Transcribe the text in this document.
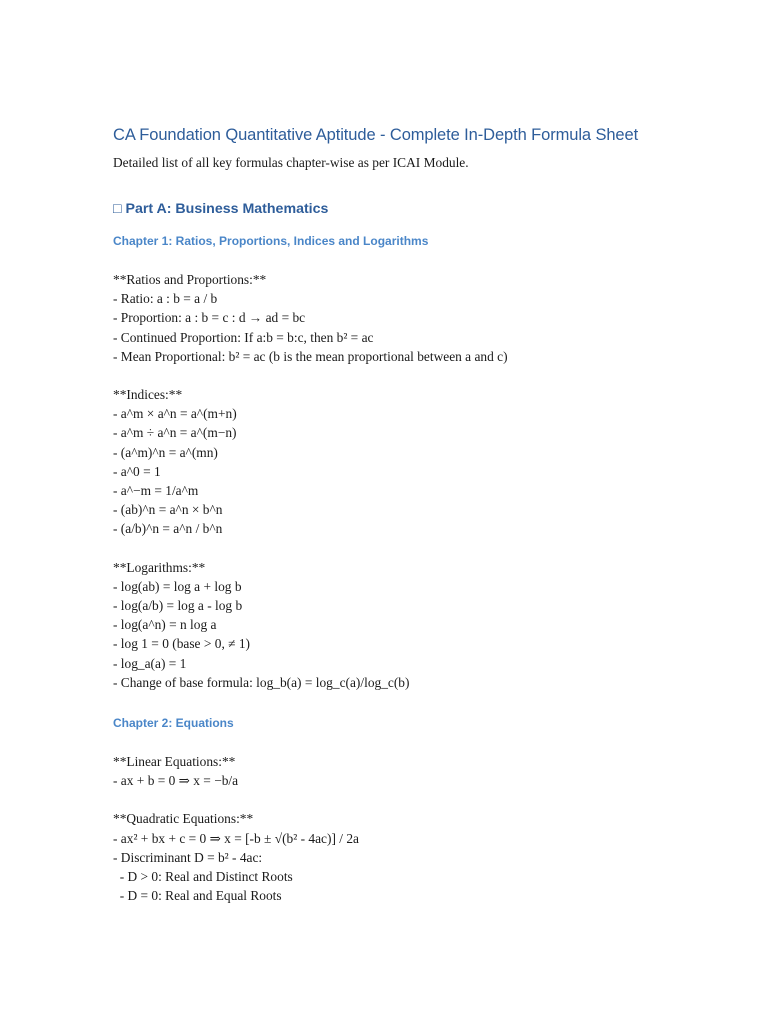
CA Foundation Quantitative Aptitude - Complete In-Depth Formula Sheet

Detailed list of all key formulas chapter-wise as per ICAI Module.

□ Part A: Business Mathematics
Chapter 1: Ratios, Proportions, Indices and Logarithms
**Ratios and Proportions:**
- Ratio: a : b = a / b
- Proportion: a : b = c : d → ad = bc
- Continued Proportion: If a:b = b:c, then b² = ac
- Mean Proportional: b² = ac (b is the mean proportional between a and c)
**Indices:**
- a^m × a^n = a^(m+n)
- a^m ÷ a^n = a^(m−n)
- (a^m)^n = a^(mn)
- a^0 = 1
- a^−m = 1/a^m
- (ab)^n = a^n × b^n
- (a/b)^n = a^n / b^n
**Logarithms:**
- log(ab) = log a + log b
- log(a/b) = log a - log b
- log(a^n) = n log a
- log 1 = 0 (base > 0, ≠ 1)
- log_a(a) = 1
- Change of base formula: log_b(a) = log_c(a)/log_c(b)
Chapter 2: Equations
**Linear Equations:**
- ax + b = 0 ⇒ x = −b/a
**Quadratic Equations:**
- ax² + bx + c = 0 ⇒ x = [-b ± √(b² - 4ac)] / 2a
- Discriminant D = b² - 4ac:
- D > 0: Real and Distinct Roots
- D = 0: Real and Equal Roots
